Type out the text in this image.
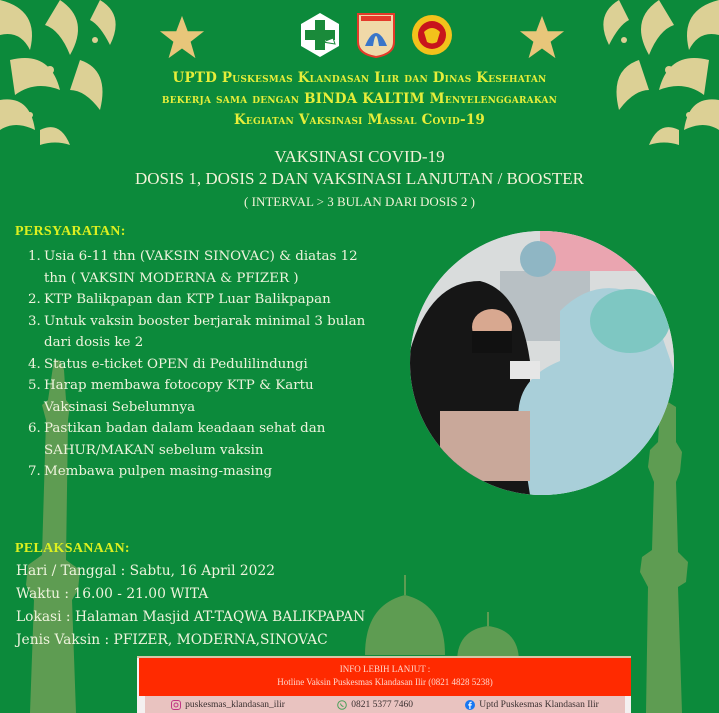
UPTD Puskesmas Klandasan Ilir dan Dinas Kesehatan
bekerja sama dengan BINDA KALTIM Menyelenggarakan
Kegiatan Vaksinasi Massal Covid-19
VAKSINASI COVID-19
DOSIS 1, DOSIS 2 DAN VAKSINASI LANJUTAN / BOOSTER
( INTERVAL > 3 BULAN DARI DOSIS 2 )
PERSYARATAN:
1. Usia 6-11 thn (VAKSIN SINOVAC) & diatas 12 thn ( VAKSIN MODERNA & PFIZER )
2. KTP Balikpapan dan KTP Luar Balikpapan
3. Untuk vaksin booster berjarak minimal 3 bulan dari dosis ke 2
4. Status e-ticket OPEN di Pedulilindungi
5. Harap membawa fotocopy KTP & Kartu Vaksinasi Sebelumnya
6. Pastikan badan dalam keadaan sehat dan SAHUR/MAKAN sebelum vaksin
7. Membawa pulpen masing-masing
PELAKSANAAN:
Hari / Tanggal : Sabtu, 16 April 2022
Waktu : 16.00 - 21.00 WITA
Lokasi : Halaman Masjid AT-TAQWA BALIKPAPAN
Jenis Vaksin : PFIZER, MODERNA,SINOVAC
INFO LEBIH LANJUT :
Hotline Vaksin Puskesmas Klandasan Ilir (0821 4828 5238)
puskesmas_klandasan_ilir	0821 5377 7460	Uptd Puskesmas Klandasan Ilir
